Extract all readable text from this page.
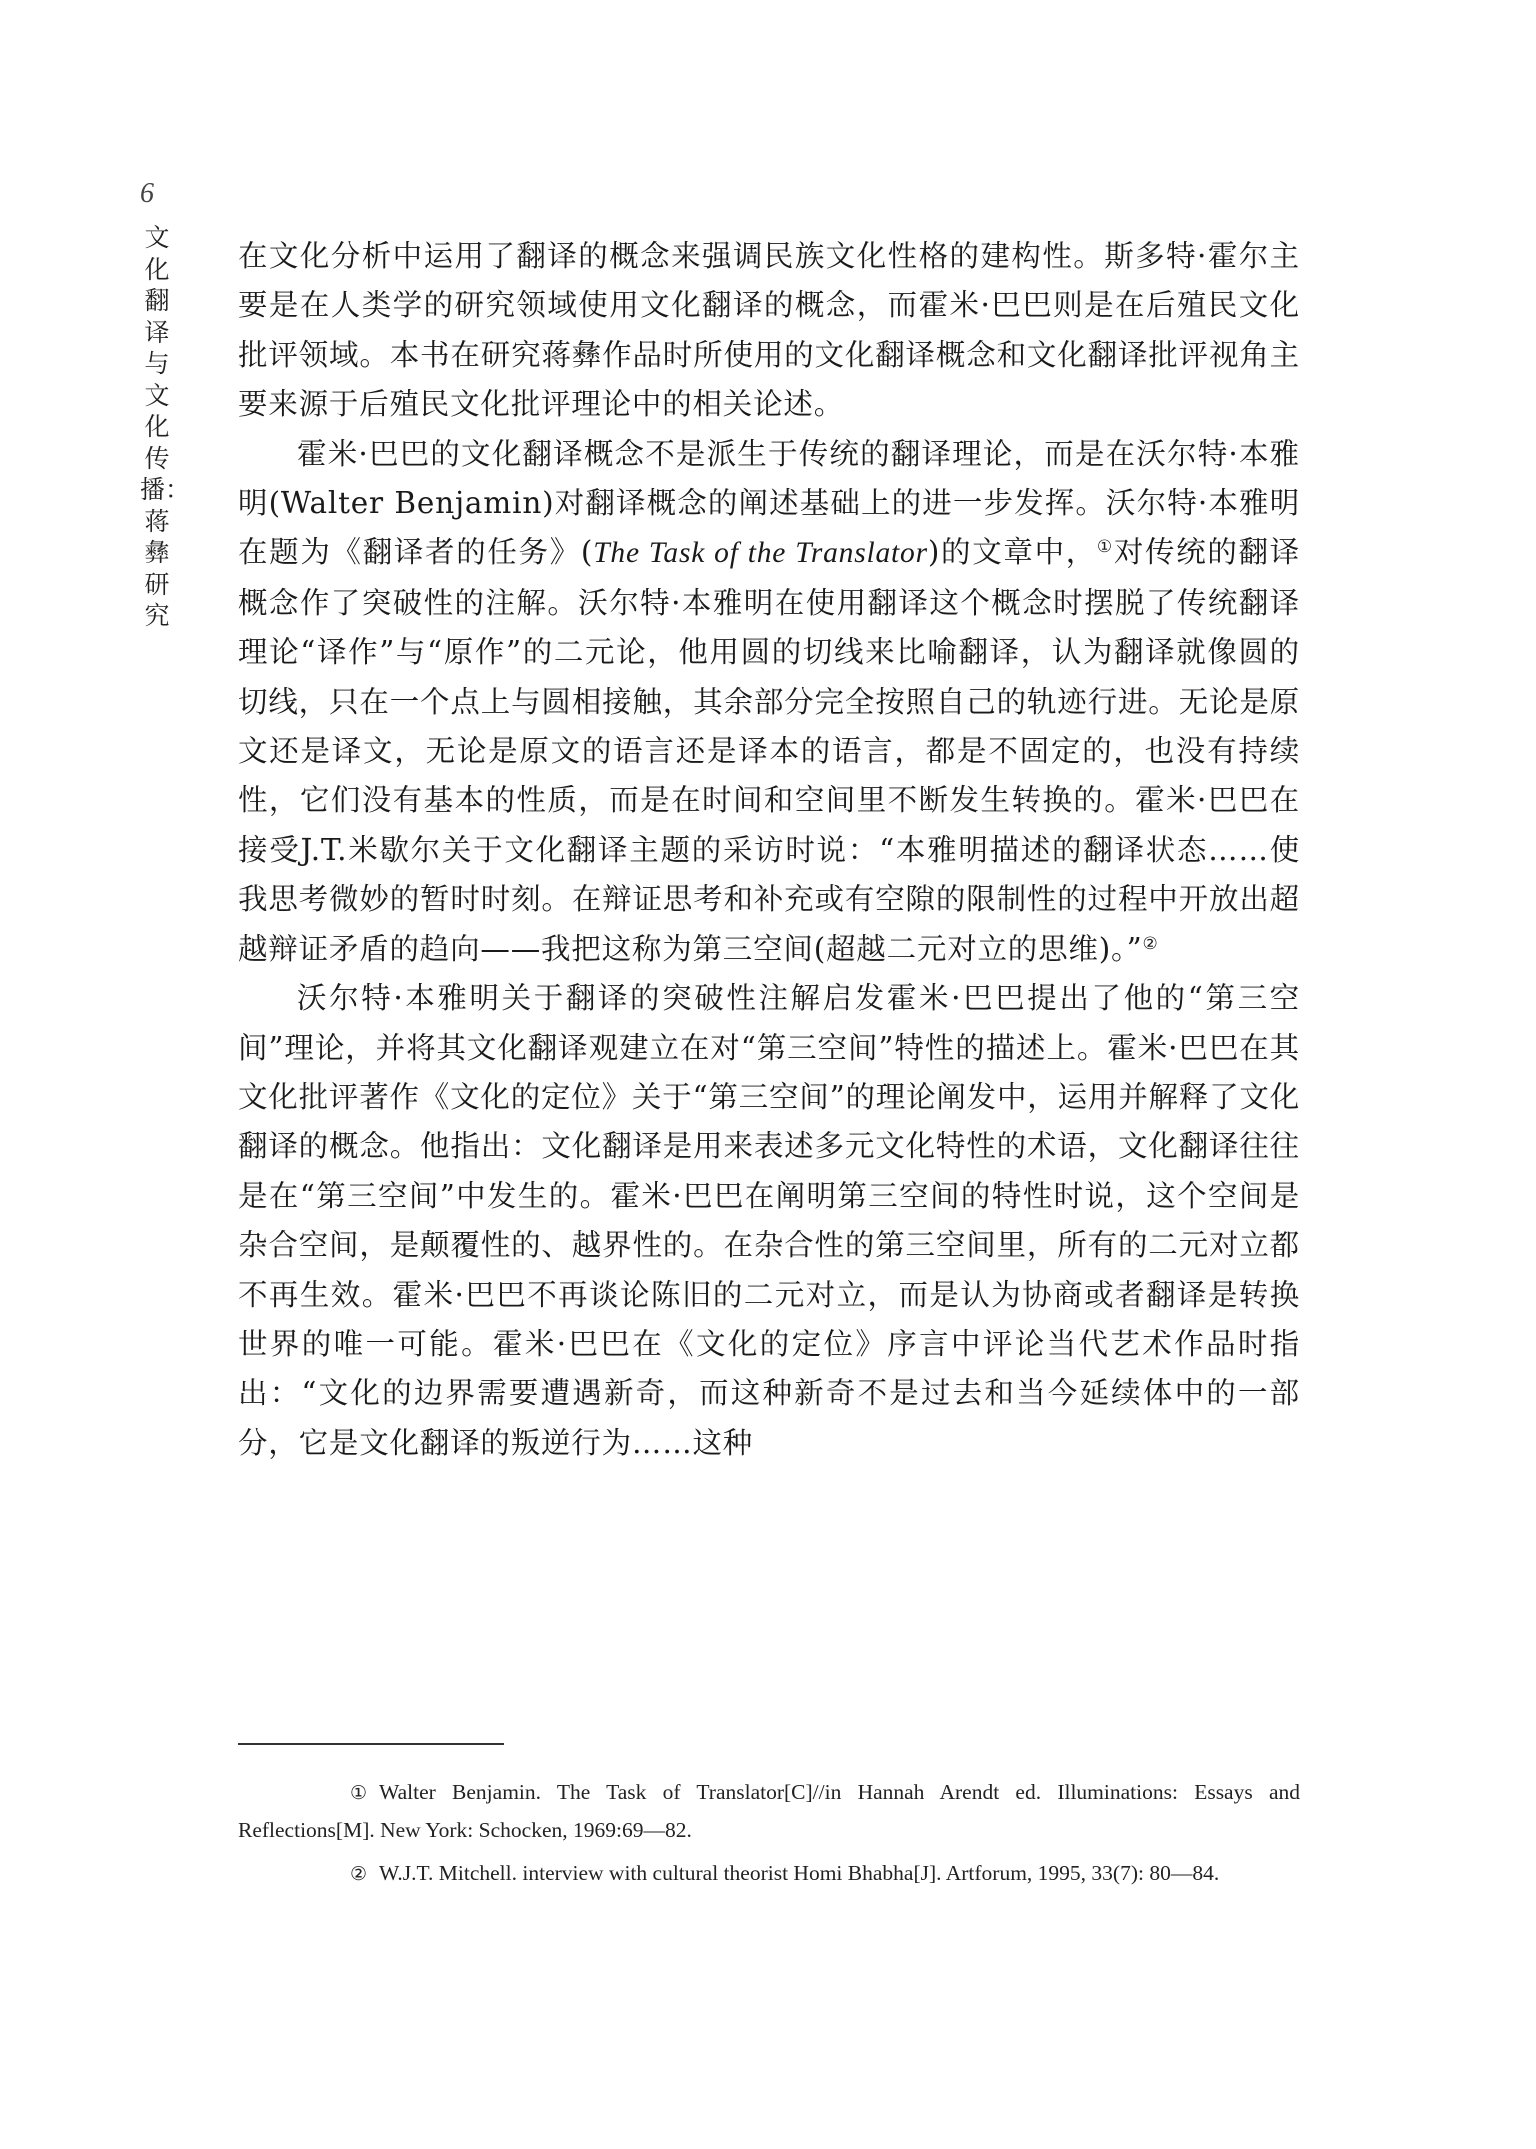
6

文化翻译与文化传播：蒋彝研究

在文化分析中运用了翻译的概念来强调民族文化性格的建构性。斯多特·霍尔主要是在人类学的研究领域使用文化翻译的概念，而霍米·巴巴则是在后殖民文化批评领域。本书在研究蒋彝作品时所使用的文化翻译概念和文化翻译批评视角主要来源于后殖民文化批评理论中的相关论述。

霍米·巴巴的文化翻译概念不是派生于传统的翻译理论，而是在沃尔特·本雅明(Walter Benjamin)对翻译概念的阐述基础上的进一步发挥。沃尔特·本雅明在题为《翻译者的任务》(The Task of the Translator)的文章中，①对传统的翻译概念作了突破性的注解。沃尔特·本雅明在使用翻译这个概念时摆脱了传统翻译理论“译作”与“原作”的二元论，他用圆的切线来比喻翻译，认为翻译就像圆的切线，只在一个点上与圆相接触，其余部分完全按照自己的轨迹行进。无论是原文还是译文，无论是原文的语言还是译本的语言，都是不固定的，也没有持续性，它们没有基本的性质，而是在时间和空间里不断发生转换的。霍米·巴巴在接受J.T.米歇尔关于文化翻译主题的采访时说：“本雅明描述的翻译状态……使我思考微妙的暂时时刻。在辩证思考和补充或有空隙的限制性的过程中开放出超越辩证矛盾的趋向——我把这称为第三空间(超越二元对立的思维)。”②

沃尔特·本雅明关于翻译的突破性注解启发霍米·巴巴提出了他的“第三空间”理论，并将其文化翻译观建立在对“第三空间”特性的描述上。霍米·巴巴在其文化批评著作《文化的定位》关于“第三空间”的理论阐发中，运用并解释了文化翻译的概念。他指出：文化翻译是用来表述多元文化特性的术语，文化翻译往往是在“第三空间”中发生的。霍米·巴巴在阐明第三空间的特性时说，这个空间是杂合空间，是颠覆性的、越界性的。在杂合性的第三空间里，所有的二元对立都不再生效。霍米·巴巴不再谈论陈旧的二元对立，而是认为协商或者翻译是转换世界的唯一可能。霍米·巴巴在《文化的定位》序言中评论当代艺术作品时指出：“文化的边界需要遭遇新奇，而这种新奇不是过去和当今延续体中的一部分，它是文化翻译的叛逆行为……这种

① Walter Benjamin. The Task of Translator[C]//in Hannah Arendt ed. Illuminations: Essays and Reflections[M]. New York: Schocken, 1969:69—82.

② W.J.T. Mitchell. interview with cultural theorist Homi Bhabha[J]. Artforum, 1995, 33(7): 80—84.
